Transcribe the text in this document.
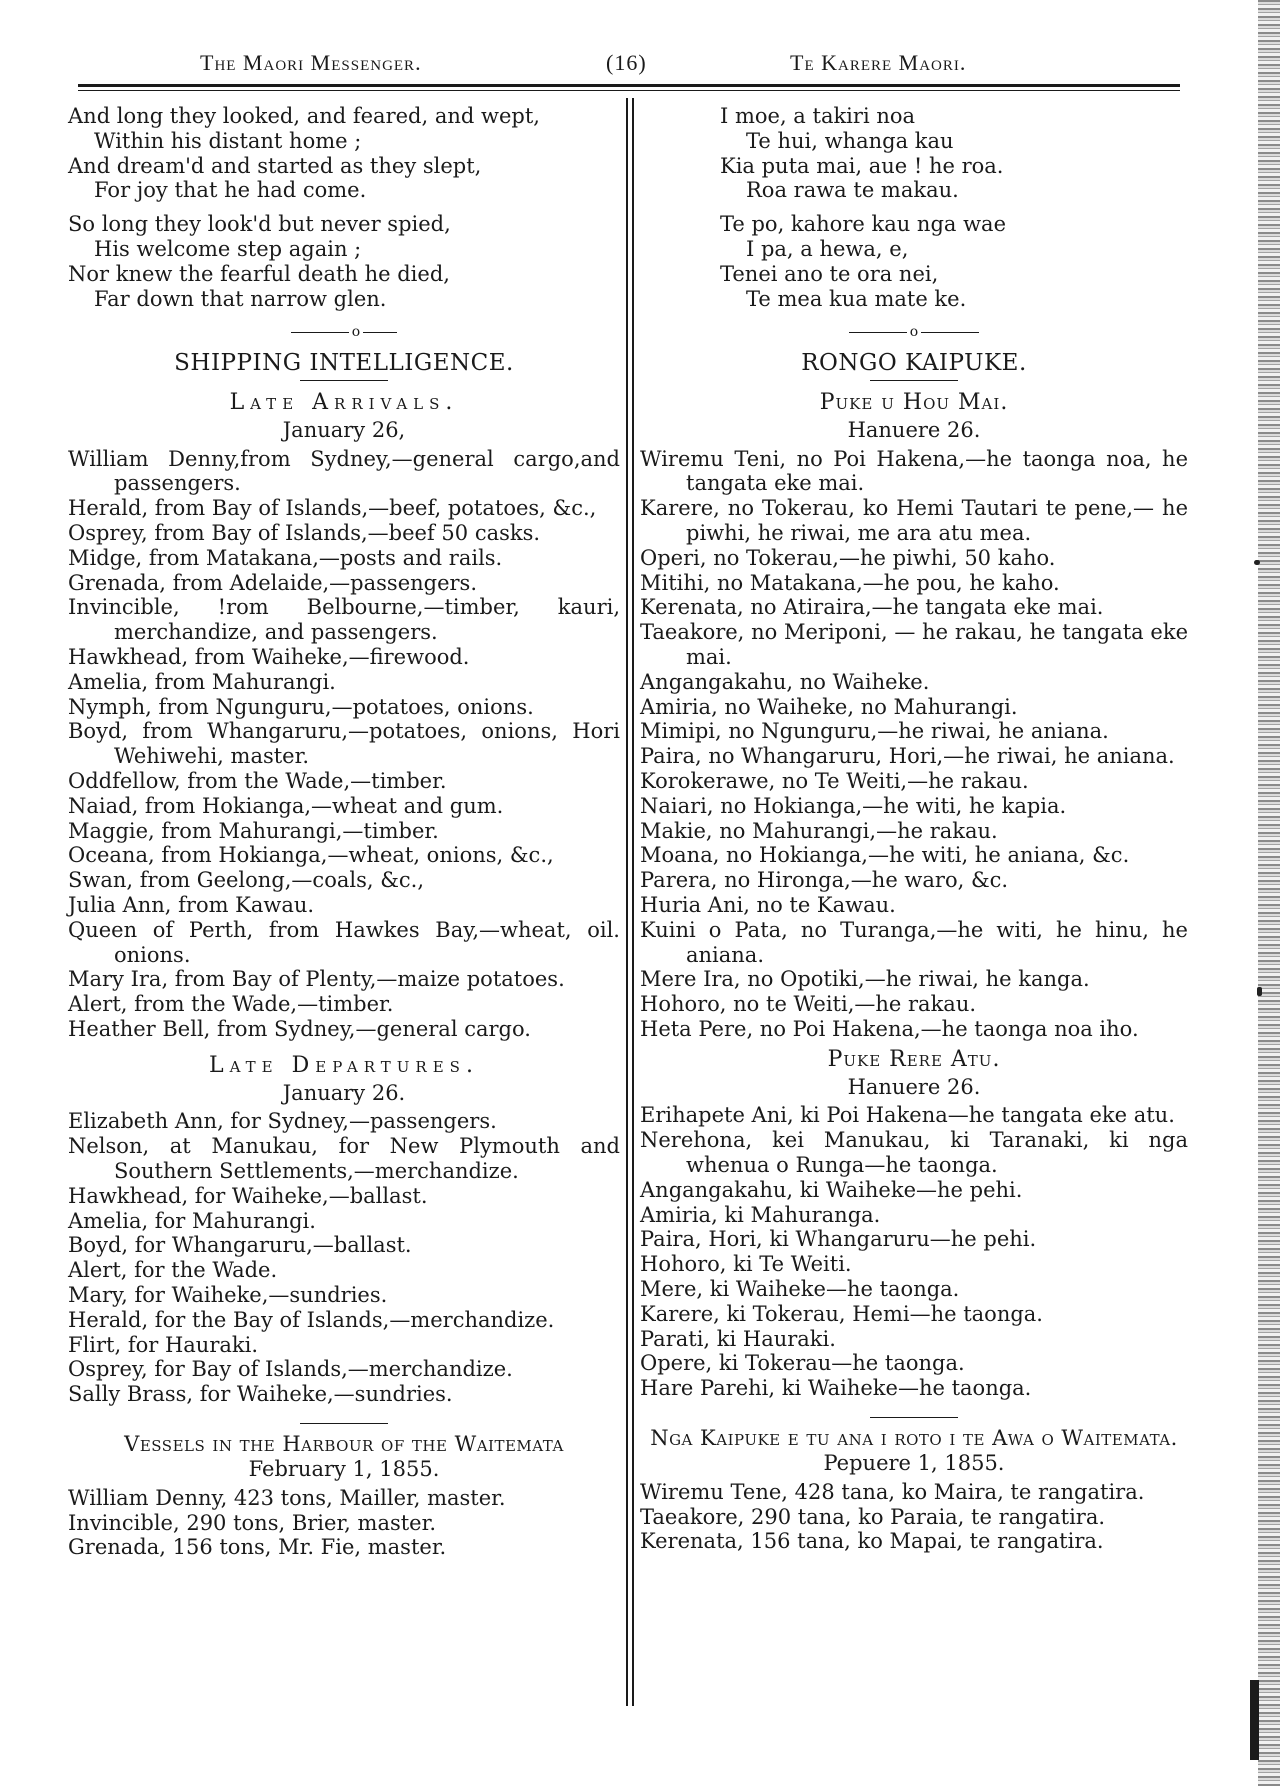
The Maori Messenger.	(16)	Te Karere Maori.
And long they looked, and feared, and wept,
Within his distant home ;
And dream'd and started as they slept,
For joy that he had come.
So long they look'd but never spied,
His welcome step again ;
Nor knew the fearful death he died,
Far down that narrow glen.
o
SHIPPING INTELLIGENCE.
Late Arrivals.
January 26,

William Denny,from Sydney,—general cargo,and passengers.

Herald, from Bay of Islands,—beef, potatoes, &c.,

Osprey, from Bay of Islands,—beef 50 casks.

Midge, from Matakana,—posts and rails.

Grenada, from Adelaide,—passengers.

Invincible, !rom Belbourne,—timber, kauri, merchandize, and passengers.

Hawkhead, from Waiheke,—firewood.

Amelia, from Mahurangi.

Nymph, from Ngunguru,—potatoes, onions.

Boyd, from Whangaruru,—potatoes, onions, Hori Wehiwehi, master.

Oddfellow, from the Wade,—timber.

Naiad, from Hokianga,—wheat and gum.

Maggie, from Mahurangi,—timber.

Oceana, from Hokianga,—wheat, onions, &c.,

Swan, from Geelong,—coals, &c.,

Julia Ann, from Kawau.

Queen of Perth, from Hawkes Bay,—wheat, oil. onions.

Mary Ira, from Bay of Plenty,—maize potatoes.

Alert, from the Wade,—timber.

Heather Bell, from Sydney,—general cargo.

Late Departures.
January 26.

Elizabeth Ann, for Sydney,—passengers.

Nelson, at Manukau, for New Plymouth and Southern Settlements,—merchandize.

Hawkhead, for Waiheke,—ballast.

Amelia, for Mahurangi.

Boyd, for Whangaruru,—ballast.

Alert, for the Wade.

Mary, for Waiheke,—sundries.

Herald, for the Bay of Islands,—merchandize.

Flirt, for Hauraki.

Osprey, for Bay of Islands,—merchandize.

Sally Brass, for Waiheke,—sundries.

Vessels in the Harbour of the Waitemata
February 1, 1855.

William Denny, 423 tons, Mailler, master.

Invincible, 290 tons, Brier, master.

Grenada, 156 tons, Mr. Fie, master.

I moe, a takiri noa
Te hui, whanga kau
Kia puta mai, aue ! he roa.
Roa rawa te makau.
Te po, kahore kau nga wae
I pa, a hewa, e,
Tenei ano te ora nei,
Te mea kua mate ke.
o
RONGO KAIPUKE.
Puke u Hou Mai.
Hanuere 26.

Wiremu Teni, no Poi Hakena,—he taonga noa, he tangata eke mai.

Karere, no Tokerau, ko Hemi Tautari te pene,— he piwhi, he riwai, me ara atu mea.

Operi, no Tokerau,—he piwhi, 50 kaho.

Mitihi, no Matakana,—he pou, he kaho.

Kerenata, no Atiraira,—he tangata eke mai.

Taeakore, no Meriponi, — he rakau, he tangata eke mai.

Angangakahu, no Waiheke.

Amiria, no Waiheke, no Mahurangi.

Mimipi, no Ngunguru,—he riwai, he aniana.

Paira, no Whangaruru, Hori,—he riwai, he aniana.

Korokerawe, no Te Weiti,—he rakau.

Naiari, no Hokianga,—he witi, he kapia.

Makie, no Mahurangi,—he rakau.

Moana, no Hokianga,—he witi, he aniana, &c.

Parera, no Hironga,—he waro, &c.

Huria Ani, no te Kawau.

Kuini o Pata, no Turanga,—he witi, he hinu, he aniana.

Mere Ira, no Opotiki,—he riwai, he kanga.

Hohoro, no te Weiti,—he rakau.

Heta Pere, no Poi Hakena,—he taonga noa iho.

Puke Rere Atu.
Hanuere 26.

Erihapete Ani, ki Poi Hakena—he tangata eke atu.

Nerehona, kei Manukau, ki Taranaki, ki nga whenua o Runga—he taonga.

Angangakahu, ki Waiheke—he pehi.

Amiria, ki Mahuranga.

Paira, Hori, ki Whangaruru—he pehi.

Hohoro, ki Te Weiti.

Mere, ki Waiheke—he taonga.

Karere, ki Tokerau, Hemi—he taonga.

Parati, ki Hauraki.

Opere, ki Tokerau—he taonga.

Hare Parehi, ki Waiheke—he taonga.

Nga Kaipuke e tu ana i roto i te Awa o Waitemata.
Pepuere 1, 1855.

Wiremu Tene, 428 tana, ko Maira, te rangatira.

Taeakore, 290 tana, ko Paraia, te rangatira.

Kerenata, 156 tana, ko Mapai, te rangatira.
